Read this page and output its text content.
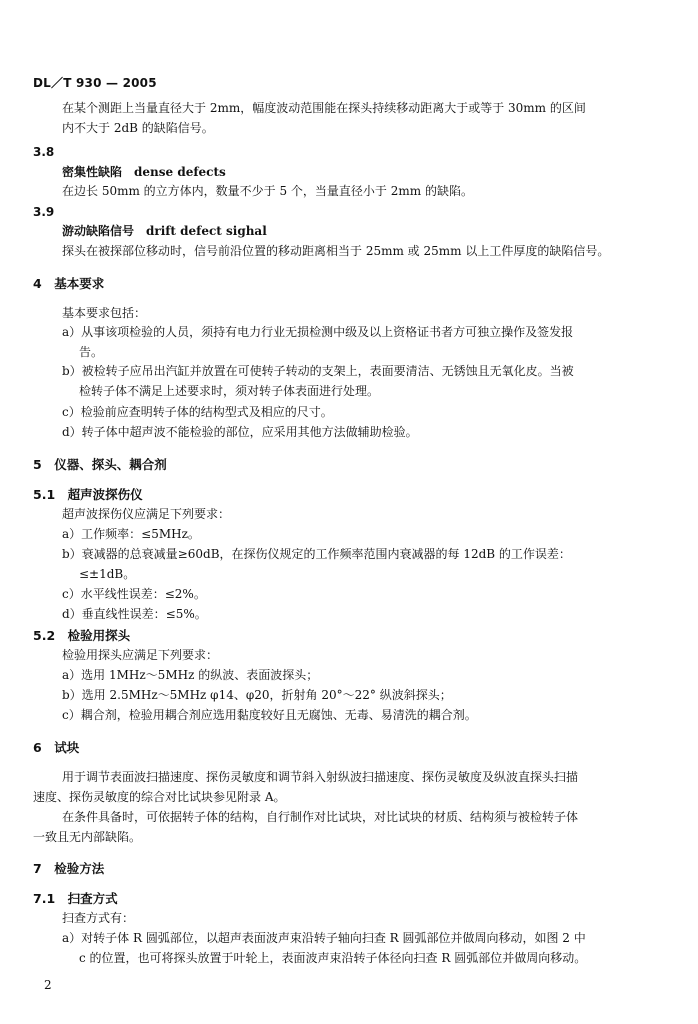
DL／T 930 — 2005
在某个测距上当量直径大于 2mm，幅度波动范围能在探头持续移动距离大于或等于 30mm 的区间
内不大于 2dB 的缺陷信号。
3.8
密集性缺陷　dense defects
在边长 50mm 的立方体内，数量不少于 5 个，当量直径小于 2mm 的缺陷。
3.9
游动缺陷信号　drift defect sighal
探头在被探部位移动时，信号前沿位置的移动距离相当于 25mm 或 25mm 以上工件厚度的缺陷信号。
4　基本要求
基本要求包括：
a）从事该项检验的人员，须持有电力行业无损检测中级及以上资格证书者方可独立操作及签发报
告。
b）被检转子应吊出汽缸并放置在可使转子转动的支架上，表面要清洁、无锈蚀且无氧化皮。当被
检转子体不满足上述要求时，须对转子体表面进行处理。
c）检验前应查明转子体的结构型式及相应的尺寸。
d）转子体中超声波不能检验的部位，应采用其他方法做辅助检验。
5　仪器、探头、耦合剂
5.1　超声波探伤仪
超声波探伤仪应满足下列要求：
a）工作频率：≤5MHz。
b）衰减器的总衰减量≥60dB，在探伤仪规定的工作频率范围内衰减器的每 12dB 的工作误差：
≤±1dB。
c）水平线性误差：≤2%。
d）垂直线性误差：≤5%。
5.2　检验用探头
检验用探头应满足下列要求：
a）选用 1MHz～5MHz 的纵波、表面波探头；
b）选用 2.5MHz～5MHz φ14、φ20，折射角 20°～22° 纵波斜探头；
c）耦合剂，检验用耦合剂应选用黏度较好且无腐蚀、无毒、易清洗的耦合剂。
6　试块
用于调节表面波扫描速度、探伤灵敏度和调节斜入射纵波扫描速度、探伤灵敏度及纵波直探头扫描
速度、探伤灵敏度的综合对比试块参见附录 A。
在条件具备时，可依据转子体的结构，自行制作对比试块，对比试块的材质、结构须与被检转子体
一致且无内部缺陷。
7　检验方法
7.1　扫查方式
扫查方式有：
a）对转子体 R 圆弧部位，以超声表面波声束沿转子轴向扫查 R 圆弧部位并做周向移动，如图 2 中
c 的位置，也可将探头放置于叶轮上，表面波声束沿转子体径向扫查 R 圆弧部位并做周向移动。
2
